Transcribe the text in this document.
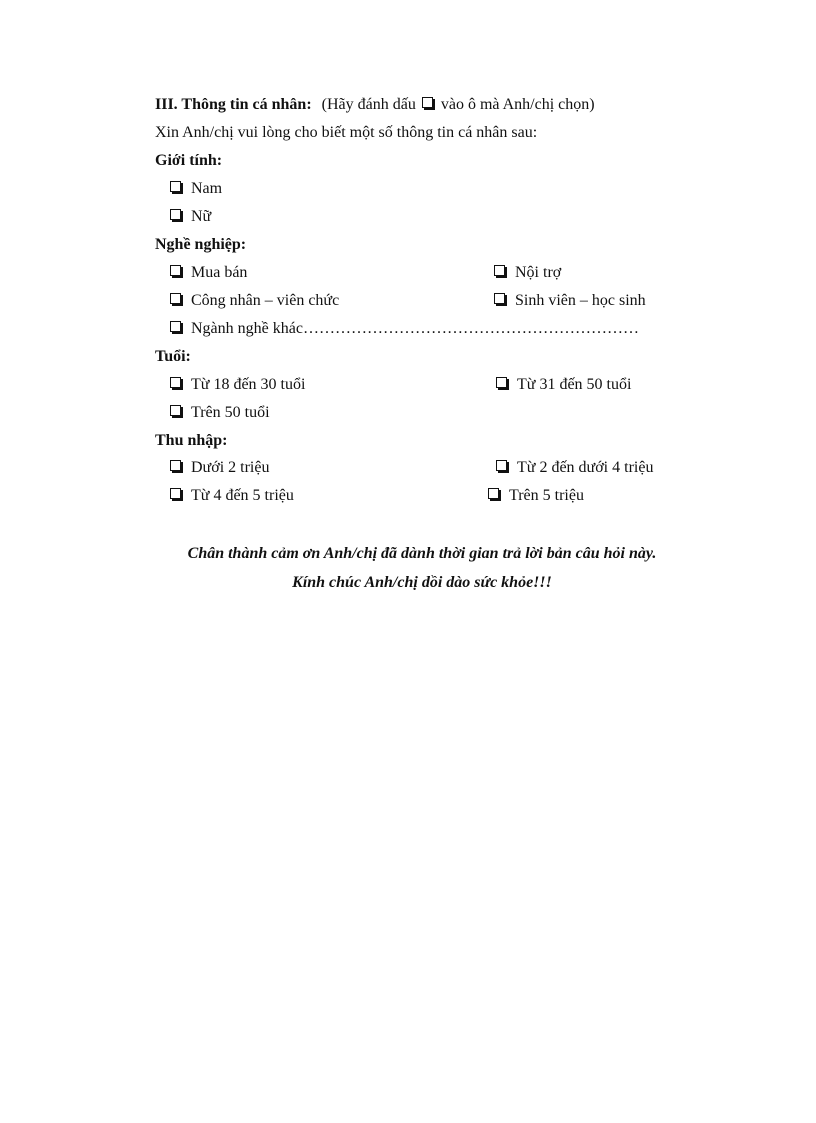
III. Thông tin cá nhân: (Hãy đánh dấu vào ô mà Anh/chị chọn)
Xin Anh/chị vui lòng cho biết một số thông tin cá nhân sau:
Giới tính:
Nam
Nữ
Nghề nghiệp:
Mua bán	Nội trợ
Công nhân – viên chức	Sinh viên – học sinh
Ngành nghề khác………………………………………………………
Tuổi:
Từ 18 đến 30 tuổi	Từ 31 đến 50 tuổi
Trên 50 tuổi
Thu nhập:
Dưới 2 triệu	Từ 2 đến dưới 4 triệu
Từ 4 đến 5 triệu	Trên 5 triệu
Chân thành cảm ơn Anh/chị đã dành thời gian trả lời bản câu hỏi này.
Kính chúc Anh/chị dồi dào sức khỏe!!!
